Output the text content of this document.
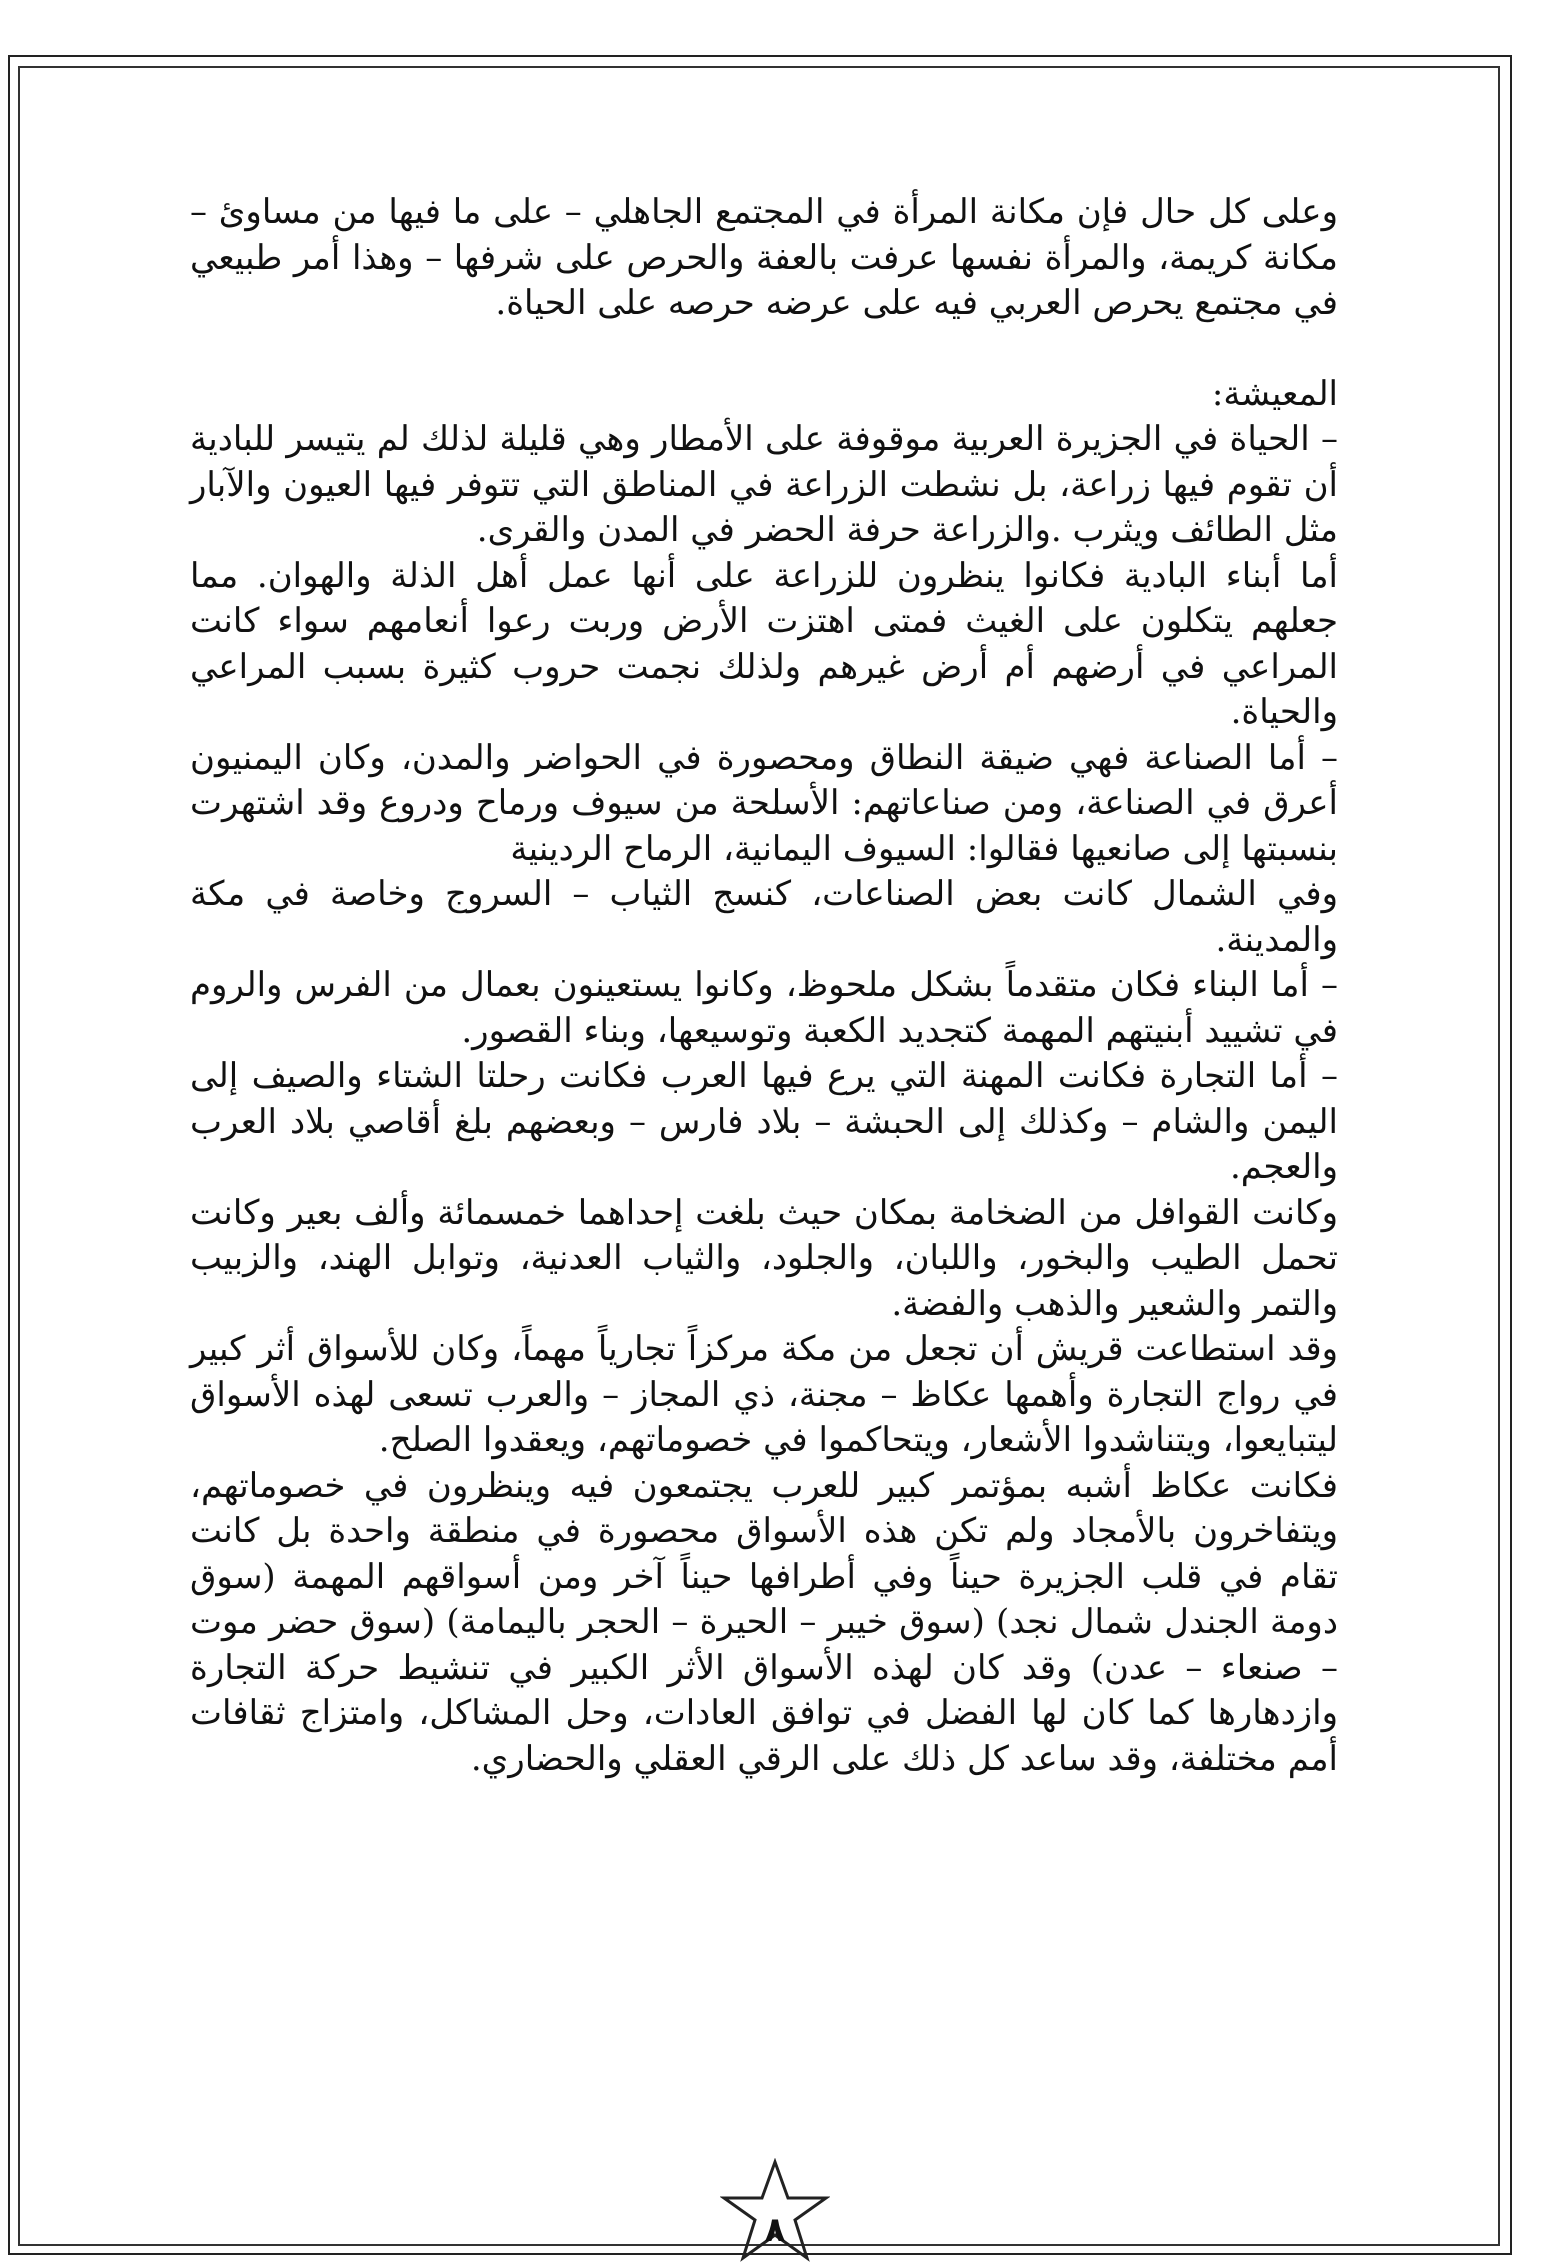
وعلى كل حال فإن مكانة المرأة في المجتمع الجاهلي – على ما فيها من مساوئ – مكانة كريمة، والمرأة نفسها عرفت بالعفة والحرص على شرفها – وهذا أمر طبيعي في مجتمع يحرص العربي فيه على عرضه حرصه على الحياة.

المعيشة:

– الحياة في الجزيرة العربية موقوفة على الأمطار وهي قليلة لذلك لم يتيسر للبادية أن تقوم فيها زراعة، بل نشطت الزراعة في المناطق التي تتوفر فيها العيون والآبار مثل الطائف ويثرب .والزراعة حرفة الحضر في المدن والقرى.

أما أبناء البادية فكانوا ينظرون للزراعة على أنها عمل أهل الذلة والهوان. مما جعلهم يتكلون على الغيث فمتى اهتزت الأرض وربت رعوا أنعامهم سواء كانت المراعي في أرضهم أم أرض غيرهم ولذلك نجمت حروب كثيرة بسبب المراعي والحياة.

– أما الصناعة فهي ضيقة النطاق ومحصورة في الحواضر والمدن، وكان اليمنيون أعرق في الصناعة، ومن صناعاتهم: الأسلحة من سيوف ورماح ودروع وقد اشتهرت بنسبتها إلى صانعيها فقالوا: السيوف اليمانية، الرماح الردينية

وفي الشمال كانت بعض الصناعات، كنسج الثياب – السروج وخاصة في مكة والمدينة.

– أما البناء فكان متقدماً بشكل ملحوظ، وكانوا يستعينون بعمال من الفرس والروم في تشييد أبنيتهم المهمة كتجديد الكعبة وتوسيعها، وبناء القصور.

– أما التجارة فكانت المهنة التي يرع فيها العرب فكانت رحلتا الشتاء والصيف إلى اليمن والشام – وكذلك إلى الحبشة – بلاد فارس – وبعضهم بلغ أقاصي بلاد العرب والعجم.

وكانت القوافل من الضخامة بمكان حيث بلغت إحداهما خمسمائة وألف بعير وكانت تحمل الطيب والبخور، واللبان، والجلود، والثياب العدنية، وتوابل الهند، والزبيب والتمر والشعير والذهب والفضة.

وقد استطاعت قريش أن تجعل من مكة مركزاً تجارياً مهماً، وكان للأسواق أثر كبير في رواج التجارة وأهمها عكاظ – مجنة، ذي المجاز – والعرب تسعى لهذه الأسواق ليتبايعوا، ويتناشدوا الأشعار، ويتحاكموا في خصوماتهم، ويعقدوا الصلح.

فكانت عكاظ أشبه بمؤتمر كبير للعرب يجتمعون فيه وينظرون في خصوماتهم، ويتفاخرون بالأمجاد ولم تكن هذه الأسواق محصورة في منطقة واحدة بل كانت تقام في قلب الجزيرة حيناً وفي أطرافها حيناً آخر ومن أسواقهم المهمة (سوق دومة الجندل شمال نجد) (سوق خيبر – الحيرة – الحجر باليمامة) (سوق حضر موت – صنعاء – عدن) وقد كان لهذه الأسواق الأثر الكبير في تنشيط حركة التجارة وازدهارها كما كان لها الفضل في توافق العادات، وحل المشاكل، وامتزاج ثقافات أمم مختلفة، وقد ساعد كل ذلك على الرقي العقلي والحضاري.

٨
